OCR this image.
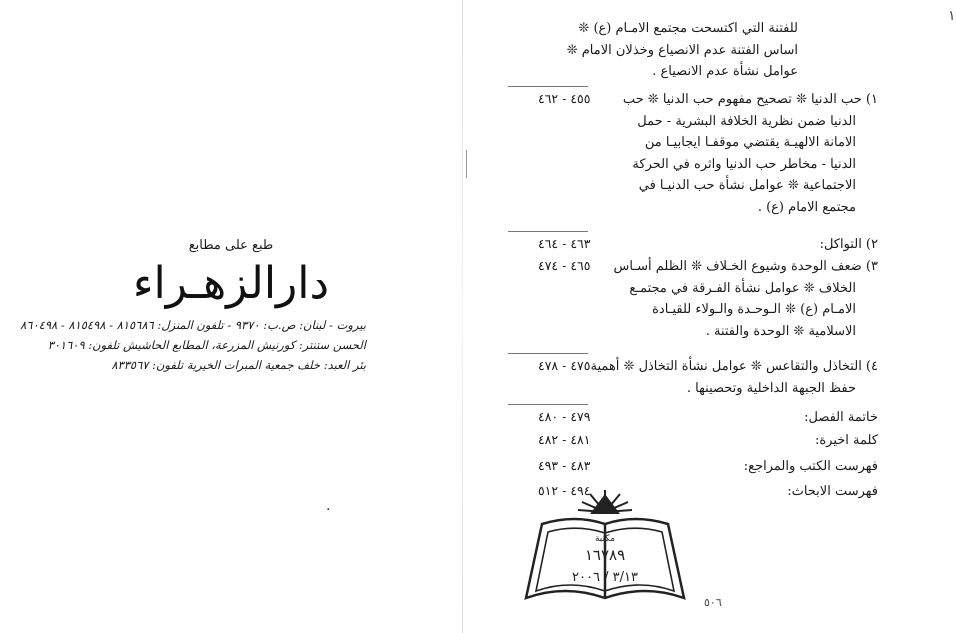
طبع على مطابع
دارالزهـراء
بيروت - لبنان: ص.ب: ٩٣٧٠ - تلفون المنزل: ٨١٥٦٨٦ - ٨١٥٤٩٨ - ٨٦٠٤٩٨
الحسن ستنتر: كورنيش المزرعة، المطابع الحاشيش تلفون: ٣٠١٦٠٩
بئر العبد: خلف جمعية المبرات الخيرية تلفون: ٨٣٣٥٦٧
.
١
للفتنة التي اكتسحت مجتمع الامـام (ع) ❊
اساس الفتنة عدم الانصياع وخذلان الامام ❊
عوامل نشأة عدم الانصياع .
١) حب الدنيا ❊ تصحيح مفهوم حب الدنيا ❊ حب
٤٥٥ - ٤٦٢
الدنيا ضمن نظرية الخلافة البشرية - حمل
الامانة الالهيـة يقتضي موقفـا ايجابيـا من
الدنيا - مخاطر حب الدنيا واثره في الحركة
الاجتماعية ❊ عوامل نشأة حب الدنيـا في
مجتمع الامام (ع) .
٢) التواكل:
٤٦٣ - ٤٦٤
٣) ضعف الوحدة وشيوع الخـلاف ❊ الظلم أسـاس
٤٦٥ - ٤٧٤
الخلاف ❊ عوامل نشأة الفـرقة في مجتمـع
الامـام (ع) ❊ الـوحـدة والـولاء للقيـادة
الاسلامية ❊ الوحدة والفتنة .
٤) التخاذل والتقاعس ❊ عوامل نشأة التخاذل ❊ أهمية
٤٧٥ - ٤٧٨
حفظ الجبهة الداخلية وتحصينها .
خاتمة الفصل:
٤٧٩ - ٤٨٠
كلمة اخيرة:
٤٨١ - ٤٨٢
فهرست الكتب والمراجع:
٤٨٣ - ٤٩٣
فهرست الابحاث:
٤٩٤ - ٥١٢
مكتبة
١٦٧٨٩
٣/١٣ / ٢٠٠٦
٥٠٦
